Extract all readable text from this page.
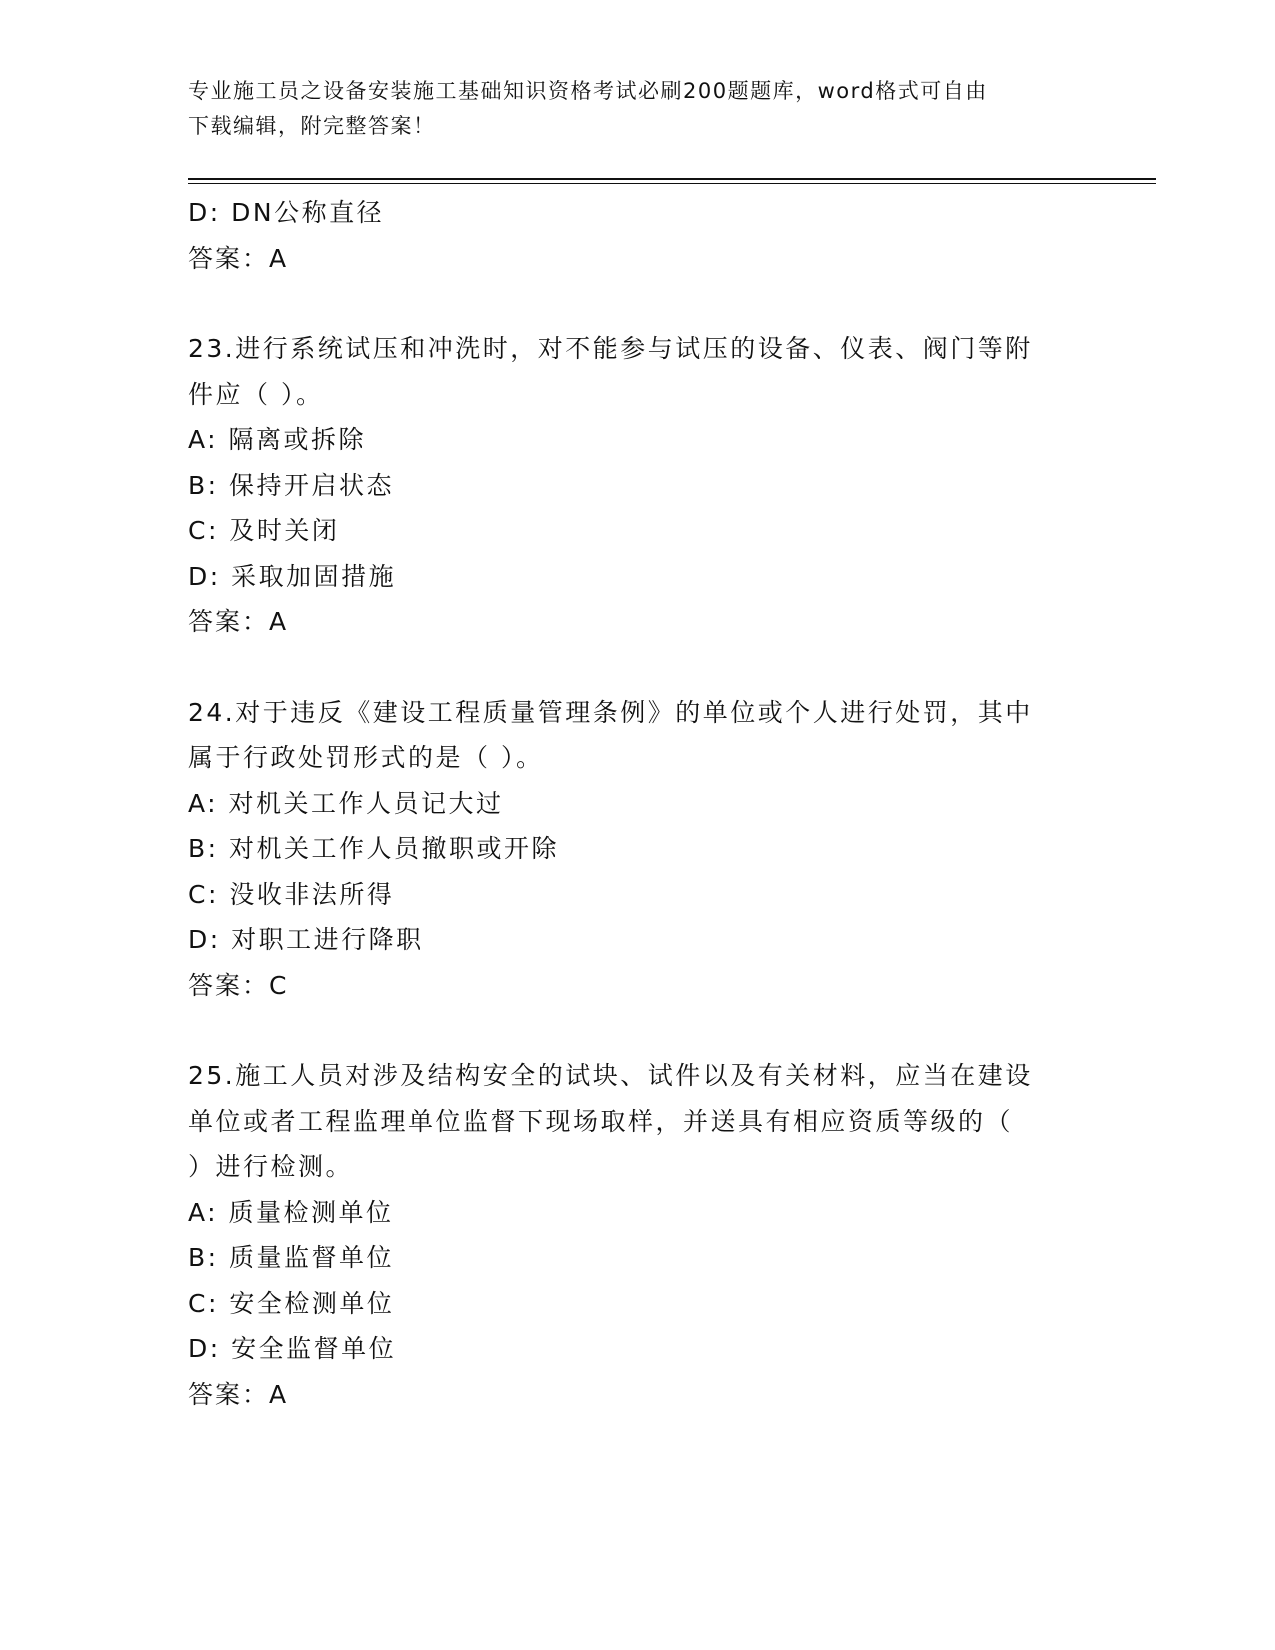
专业施工员之设备安装施工基础知识资格考试必刷200题题库，word格式可自由
下载编辑，附完整答案！
D: DN公称直径
答案：A
23.进行系统试压和冲洗时，对不能参与试压的设备、仪表、阀门等附
件应（ ）。
A: 隔离或拆除
B: 保持开启状态
C: 及时关闭
D: 采取加固措施
答案：A
24.对于违反《建设工程质量管理条例》的单位或个人进行处罚，其中
属于行政处罚形式的是（ ）。
A: 对机关工作人员记大过
B: 对机关工作人员撤职或开除
C: 没收非法所得
D: 对职工进行降职
答案：C
25.施工人员对涉及结构安全的试块、试件以及有关材料，应当在建设
单位或者工程监理单位监督下现场取样，并送具有相应资质等级的（
）进行检测。
A: 质量检测单位
B: 质量监督单位
C: 安全检测单位
D: 安全监督单位
答案：A
